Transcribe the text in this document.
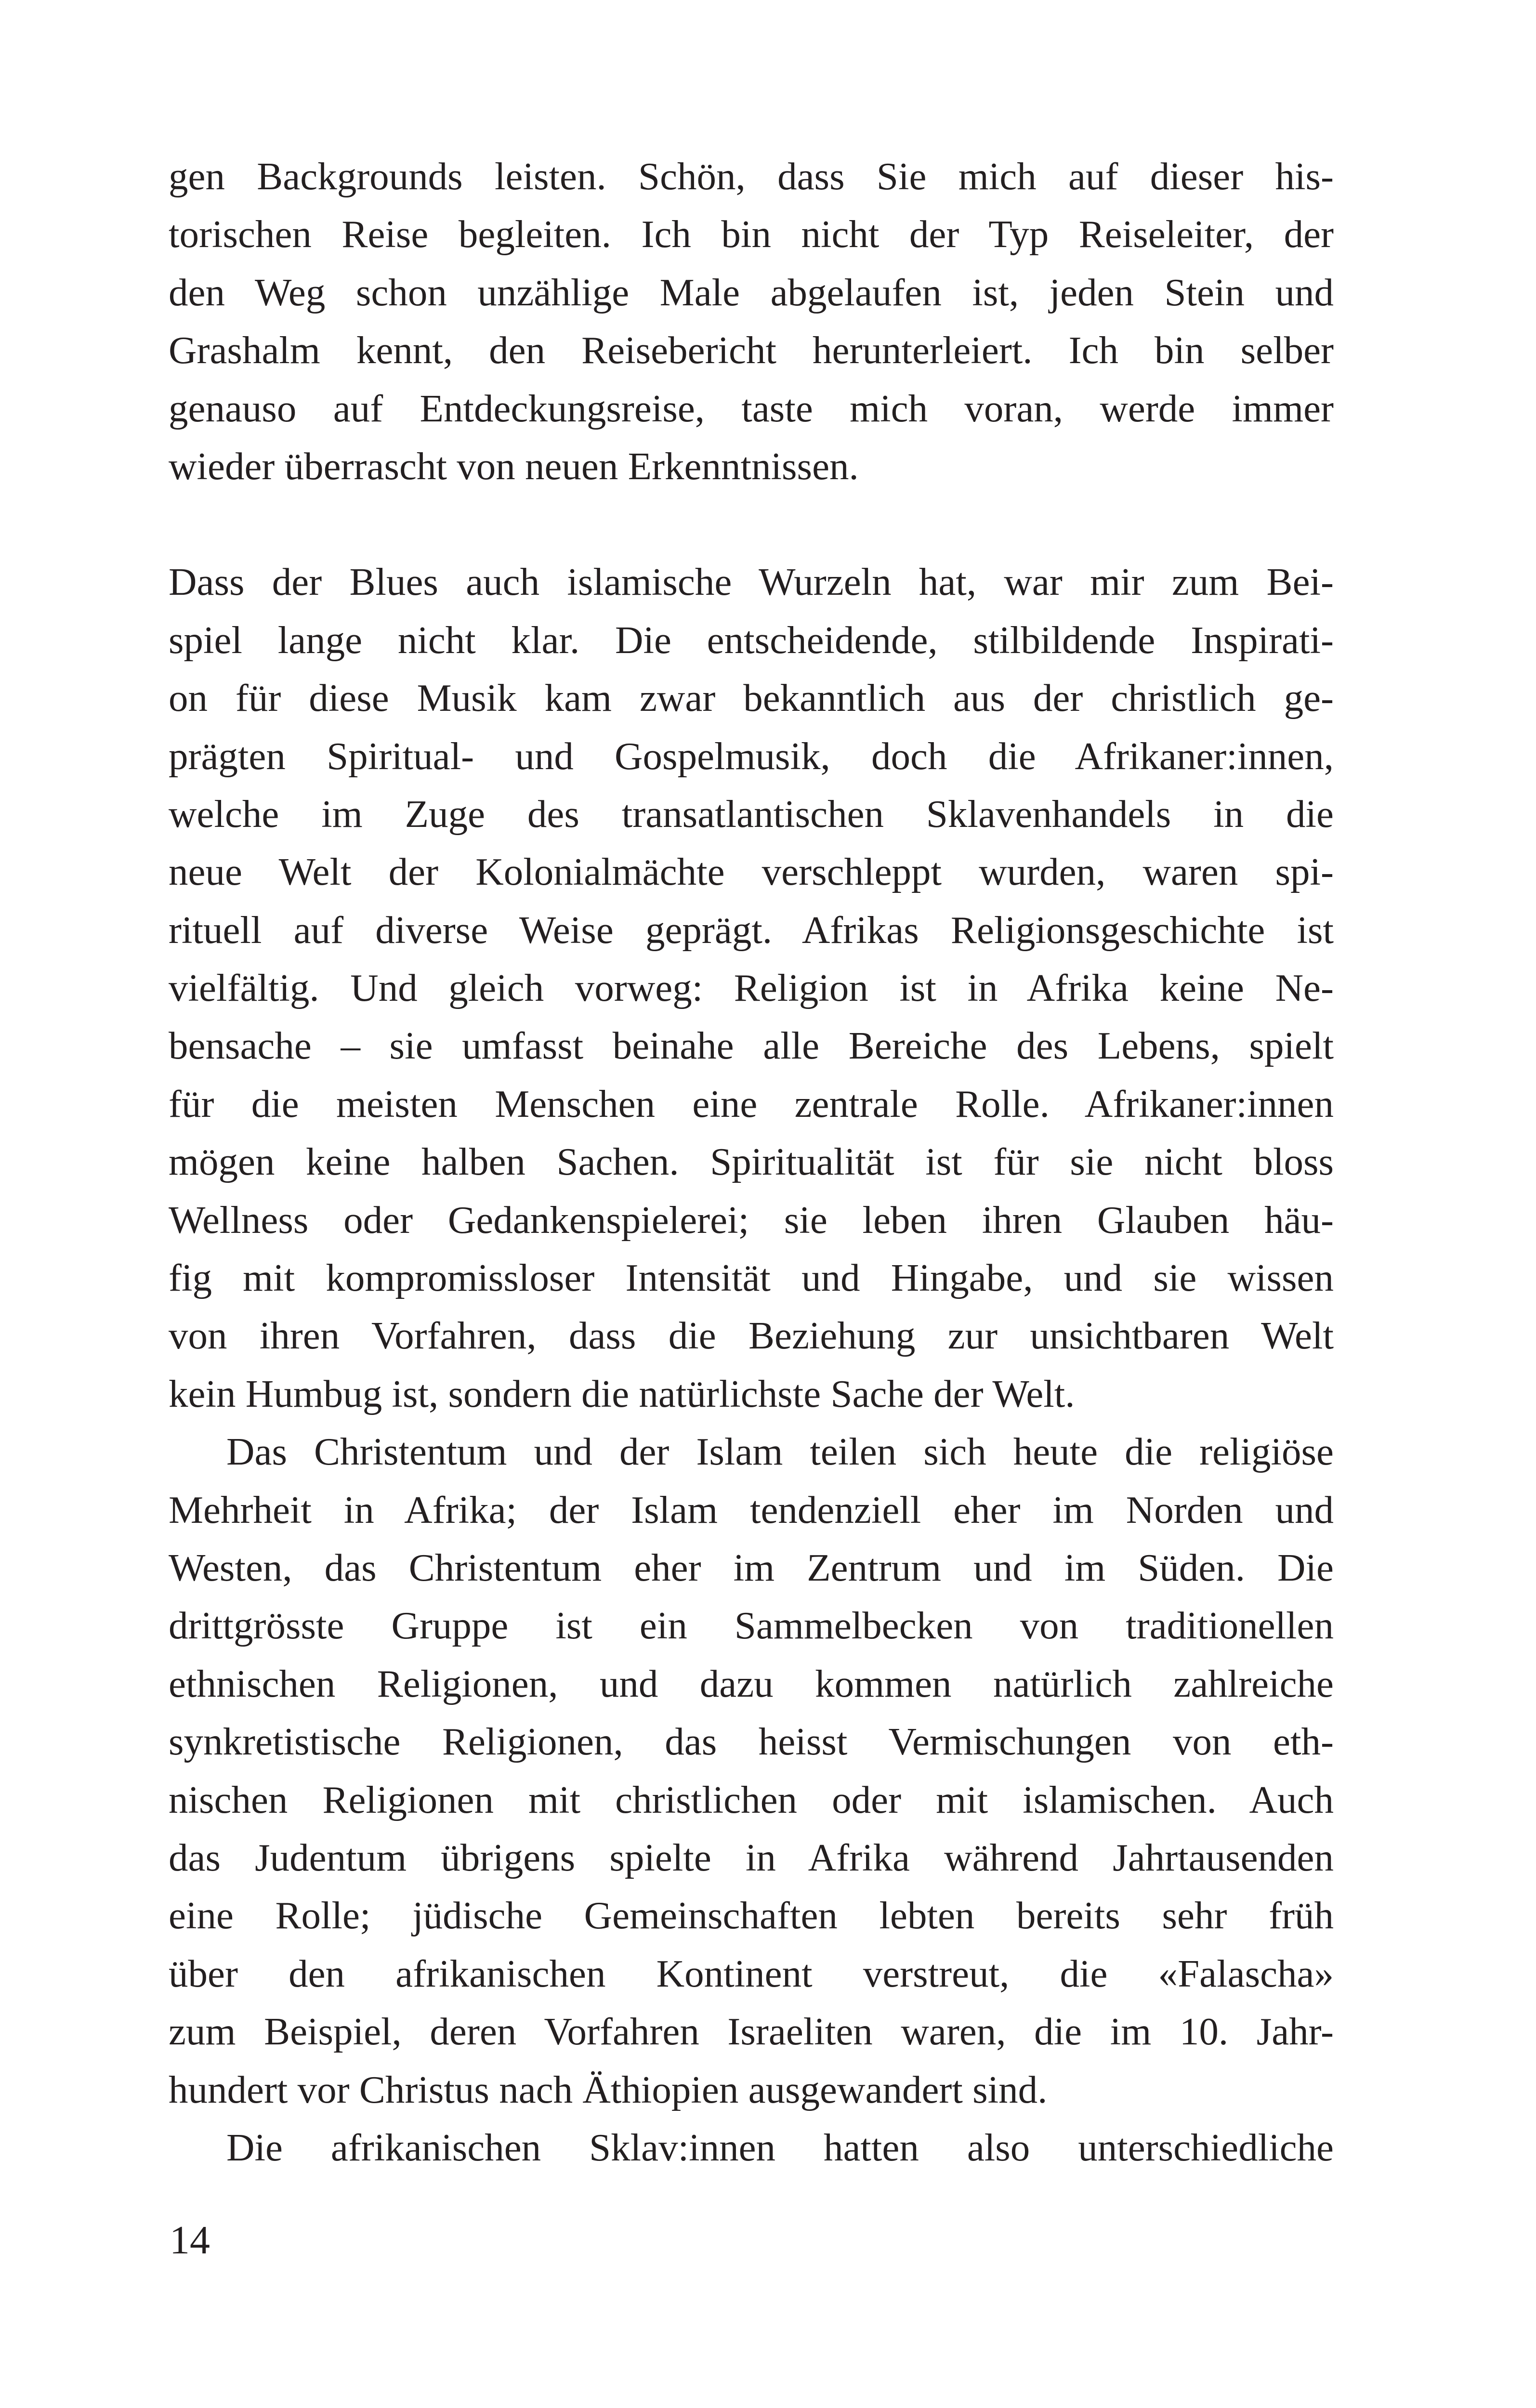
gen Backgrounds leisten. Schön, dass Sie mich auf dieser his-
torischen Reise begleiten. Ich bin nicht der Typ Reiseleiter, der
den Weg schon unzählige Male abgelaufen ist, jeden Stein und
Grashalm kennt, den Reisebericht herunterleiert. Ich bin selber
genauso auf Entdeckungsreise, taste mich voran, werde immer
wieder überrascht von neuen Erkenntnissen.
Dass der Blues auch islamische Wurzeln hat, war mir zum Bei-
spiel lange nicht klar. Die entscheidende, stilbildende Inspirati-
on für diese Musik kam zwar bekanntlich aus der christlich ge-
prägten Spiritual- und Gospelmusik, doch die Afrikaner:innen,
welche im Zuge des transatlantischen Sklavenhandels in die
neue Welt der Kolonialmächte verschleppt wurden, waren spi-
rituell auf diverse Weise geprägt. Afrikas Religionsgeschichte ist
vielfältig. Und gleich vorweg: Religion ist in Afrika keine Ne-
bensache – sie umfasst beinahe alle Bereiche des Lebens, spielt
für die meisten Menschen eine zentrale Rolle. Afrikaner:innen
mögen keine halben Sachen. Spiritualität ist für sie nicht bloss
Wellness oder Gedankenspielerei; sie leben ihren Glauben häu-
fig mit kompromissloser Intensität und Hingabe, und sie wissen
von ihren Vorfahren, dass die Beziehung zur unsichtbaren Welt
kein Humbug ist, sondern die natürlichste Sache der Welt.
Das Christentum und der Islam teilen sich heute die religiöse
Mehrheit in Afrika; der Islam tendenziell eher im Norden und
Westen, das Christentum eher im Zentrum und im Süden. Die
drittgrösste Gruppe ist ein Sammelbecken von traditionellen
ethnischen Religionen, und dazu kommen natürlich zahlreiche
synkretistische Religionen, das heisst Vermischungen von eth-
nischen Religionen mit christlichen oder mit islamischen. Auch
das Judentum übrigens spielte in Afrika während Jahrtausenden
eine Rolle; jüdische Gemeinschaften lebten bereits sehr früh
über den afrikanischen Kontinent verstreut, die «Falascha»
zum Beispiel, deren Vorfahren Israeliten waren, die im 10. Jahr-
hundert vor Christus nach Äthiopien ausgewandert sind.
Die afrikanischen Sklav:innen hatten also unterschiedliche
14
